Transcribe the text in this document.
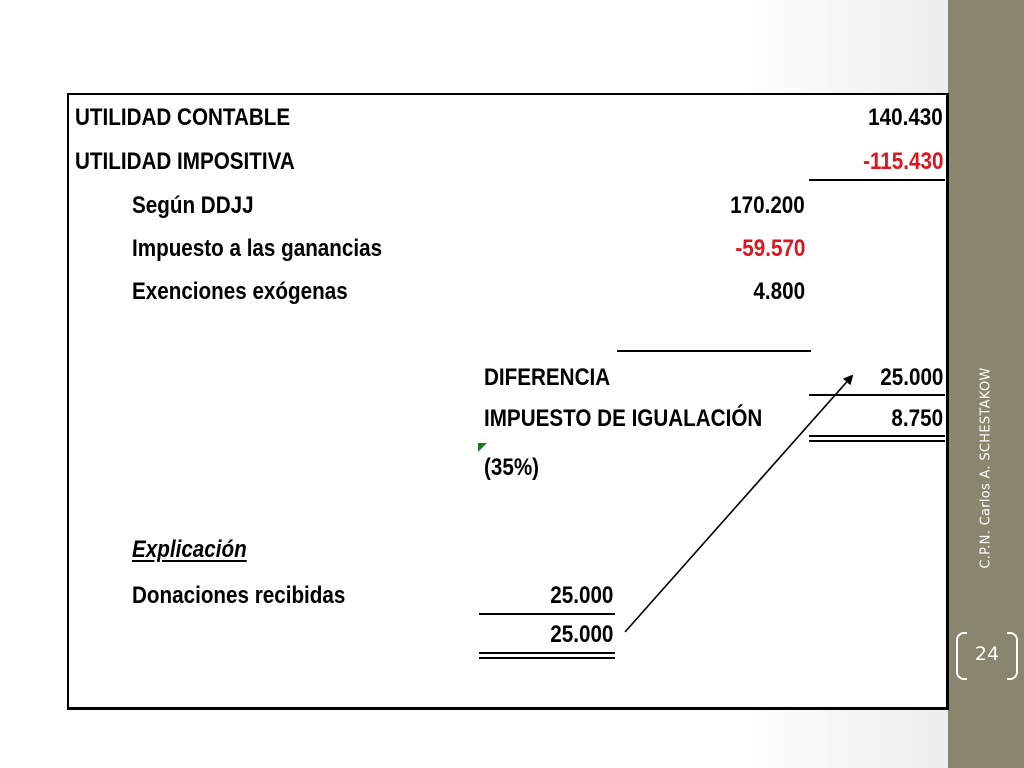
C.P.N. Carlos A. SCHESTAKOW
24
UTILIDAD CONTABLE	140.430
UTILIDAD IMPOSITIVA	-115.430
Según DDJJ	170.200
Impuesto a las ganancias	-59.570
Exenciones exógenas	4.800
DIFERENCIA	25.000
IMPUESTO DE IGUALACIÓN	8.750
(35%)
Explicación
Donaciones recibidas	25.000
25.000
